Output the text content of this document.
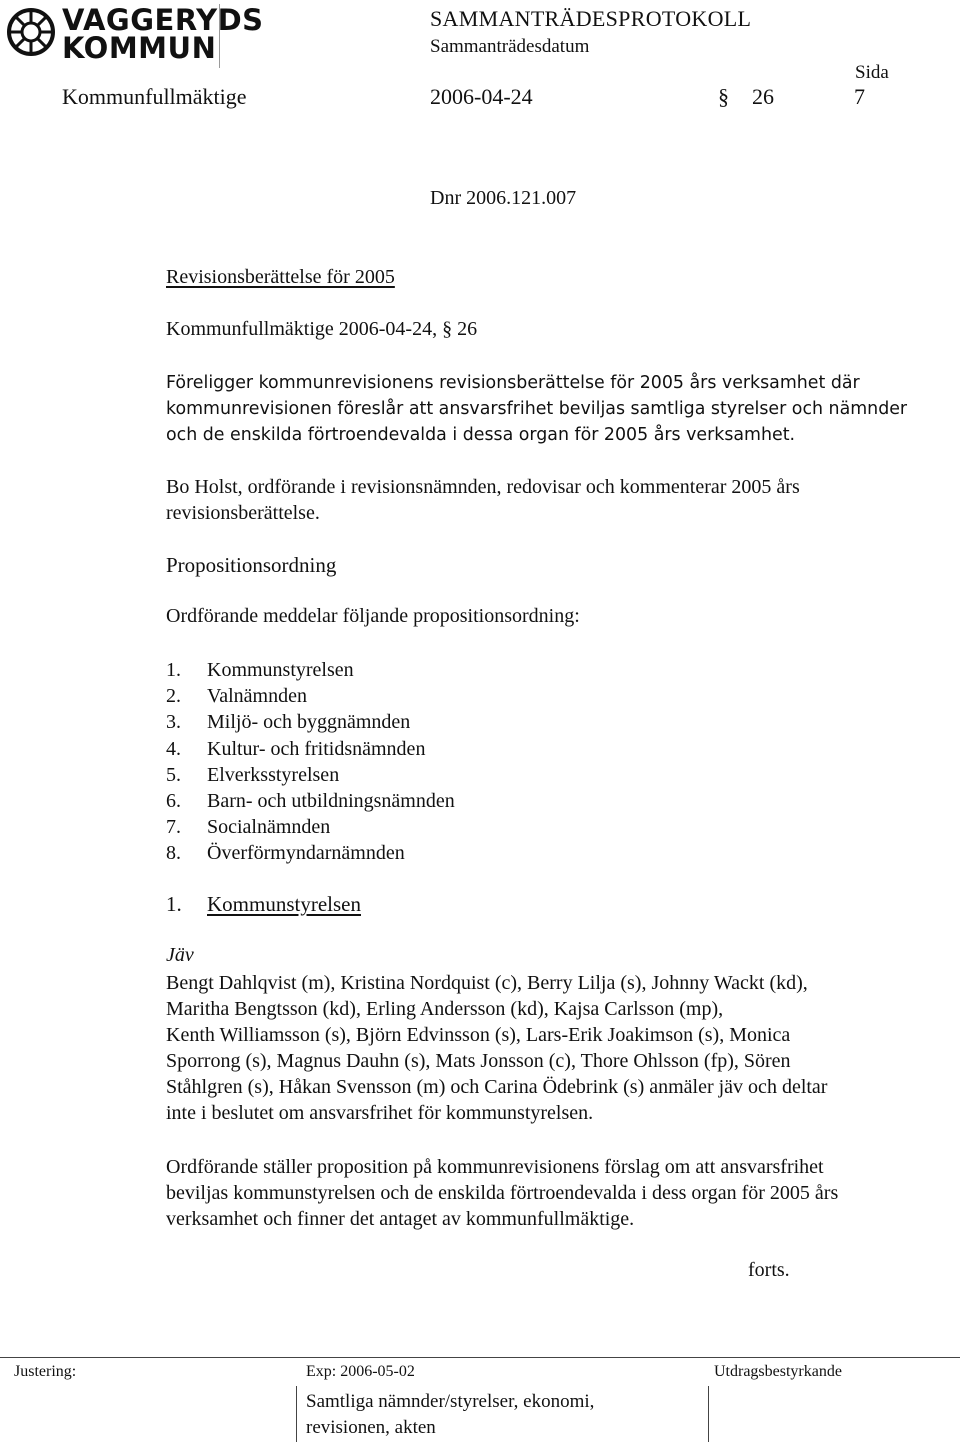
VAGGERYDS
KOMMUN
SAMMANTRÄDESPROTOKOLL
Sammanträdesdatum
Sida
Kommunfullmäktige	2006-04-24	§ 26	7
Dnr 2006.121.007
Revisionsberättelse för 2005
Kommunfullmäktige 2006-04-24, § 26
Föreligger kommunrevisionens revisionsberättelse för 2005 års verksamhet där
kommunrevisionen föreslår att ansvarsfrihet beviljas samtliga styrelser och nämnder
och de enskilda förtroendevalda i dessa organ för 2005 års verksamhet.
Bo Holst, ordförande i revisionsnämnden, redovisar och kommenterar 2005 års
revisionsberättelse.
Propositionsordning
Ordförande meddelar följande propositionsordning:
1.	Kommunstyrelsen
2.	Valnämnden
3.	Miljö- och byggnämnden
4.	Kultur- och fritidsnämnden
5.	Elverksstyrelsen
6.	Barn- och utbildningsnämnden
7.	Socialnämnden
8.	Överförmyndarnämnden
1.	Kommunstyrelsen
Jäv
Bengt Dahlqvist (m), Kristina Nordquist (c), Berry Lilja (s), Johnny Wackt (kd),
Maritha Bengtsson (kd), Erling Andersson (kd), Kajsa Carlsson (mp),
Kenth Williamsson (s), Björn Edvinsson (s), Lars-Erik Joakimson (s), Monica
Sporrong (s), Magnus Dauhn (s), Mats Jonsson (c), Thore Ohlsson (fp), Sören
Ståhlgren (s), Håkan Svensson (m) och Carina Ödebrink (s) anmäler jäv och deltar
inte i beslutet om ansvarsfrihet för kommunstyrelsen.
Ordförande ställer proposition på kommunrevisionens förslag om att ansvarsfrihet
beviljas kommunstyrelsen och de enskilda förtroendevalda i dess organ för 2005 års
verksamhet och finner det antaget av kommunfullmäktige.
forts.
Justering:	Exp: 2006-05-02	Utdragsbestyrkande
Samtliga nämnder/styrelser, ekonomi,
revisionen, akten
